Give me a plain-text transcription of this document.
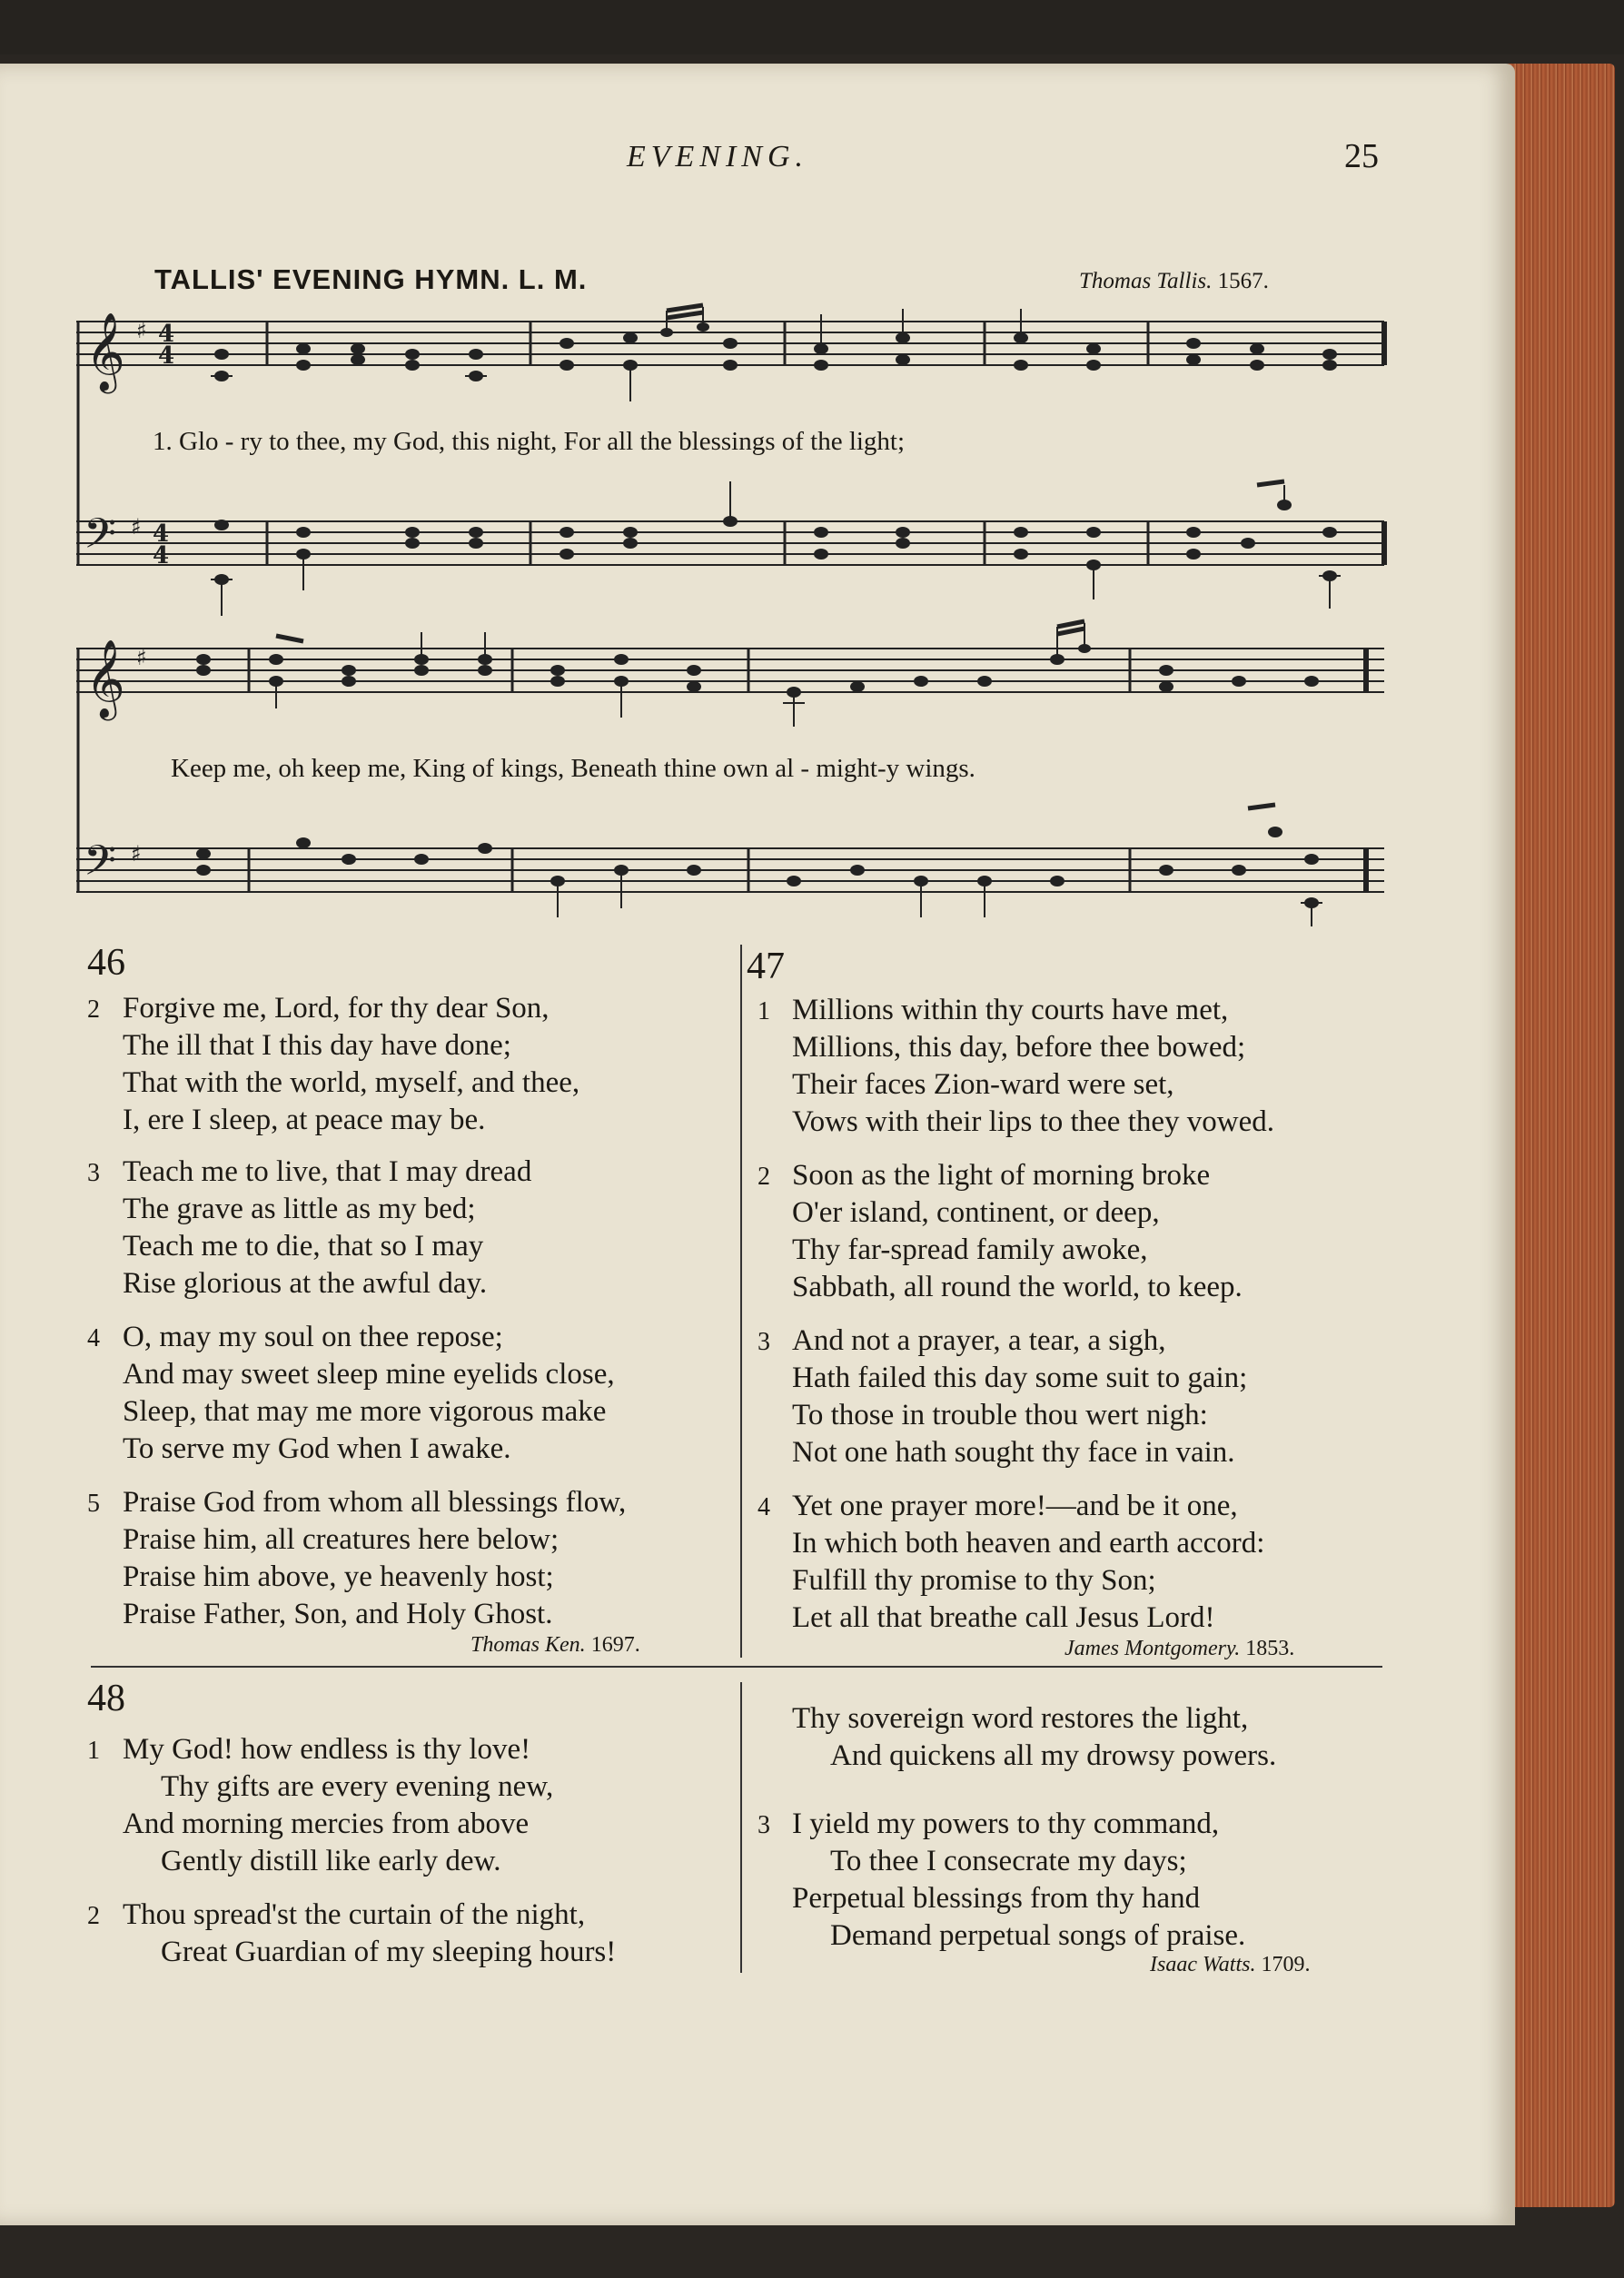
EVENING.	25
TALLIS' EVENING HYMN. L. M.	Thomas Tallis. 1567.
𝄞
𝄢
𝄞
𝄢
♯
♯
♯
♯
4
4
4
4
1. Glo - ry to thee, my God, this night, For all the blessings of the light;
Keep me, oh keep me, King of kings, Beneath thine own al - might-y wings.
46
2 Forgive me, Lord, for thy dear Son,
The ill that I this day have done;
That with the world, myself, and thee,
I, ere I sleep, at peace may be.
3 Teach me to live, that I may dread
The grave as little as my bed;
Teach me to die, that so I may
Rise glorious at the awful day.
4 O, may my soul on thee repose;
And may sweet sleep mine eyelids close,
Sleep, that may me more vigorous make
To serve my God when I awake.
5 Praise God from whom all blessings flow,
Praise him, all creatures here below;
Praise him above, ye heavenly host;
Praise Father, Son, and Holy Ghost.
Thomas Ken. 1697.
47
1 Millions within thy courts have met,
Millions, this day, before thee bowed;
Their faces Zion-ward were set,
Vows with their lips to thee they vowed.
2 Soon as the light of morning broke
O'er island, continent, or deep,
Thy far-spread family awoke,
Sabbath, all round the world, to keep.
3 And not a prayer, a tear, a sigh,
Hath failed this day some suit to gain;
To those in trouble thou wert nigh:
Not one hath sought thy face in vain.
4 Yet one prayer more!—and be it one,
In which both heaven and earth accord:
Fulfill thy promise to thy Son;
Let all that breathe call Jesus Lord!
James Montgomery. 1853.
48
1 My God! how endless is thy love!
Thy gifts are every evening new,
And morning mercies from above
Gently distill like early dew.
2 Thou spread'st the curtain of the night,
Great Guardian of my sleeping hours!
Thy sovereign word restores the light,
And quickens all my drowsy powers.
3 I yield my powers to thy command,
To thee I consecrate my days;
Perpetual blessings from thy hand
Demand perpetual songs of praise.
Isaac Watts. 1709.
